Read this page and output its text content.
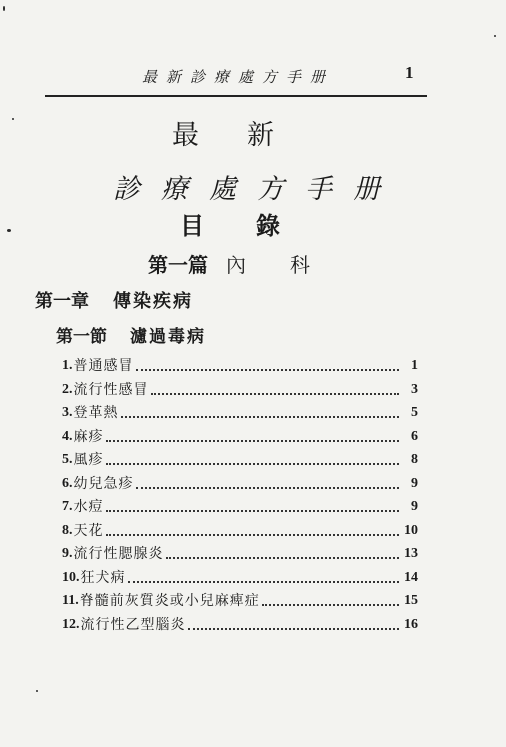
最新診療處方手册	1
最新
診療處方手册
目錄
第一篇 內科
第一章 傳染疾病
第一節 濾過毒病
1. 普通感冒	1
2. 流行性感冒	3
3. 登革熱	5
4. 麻疹	6
5. 風疹	8
6. 幼兒急疹	9
7. 水痘	9
8. 天花	10
9. 流行性腮腺炎	13
10. 狂犬病	14
11. 脊髓前灰質炎或小兒麻痺症	15
12. 流行性乙型腦炎	16
